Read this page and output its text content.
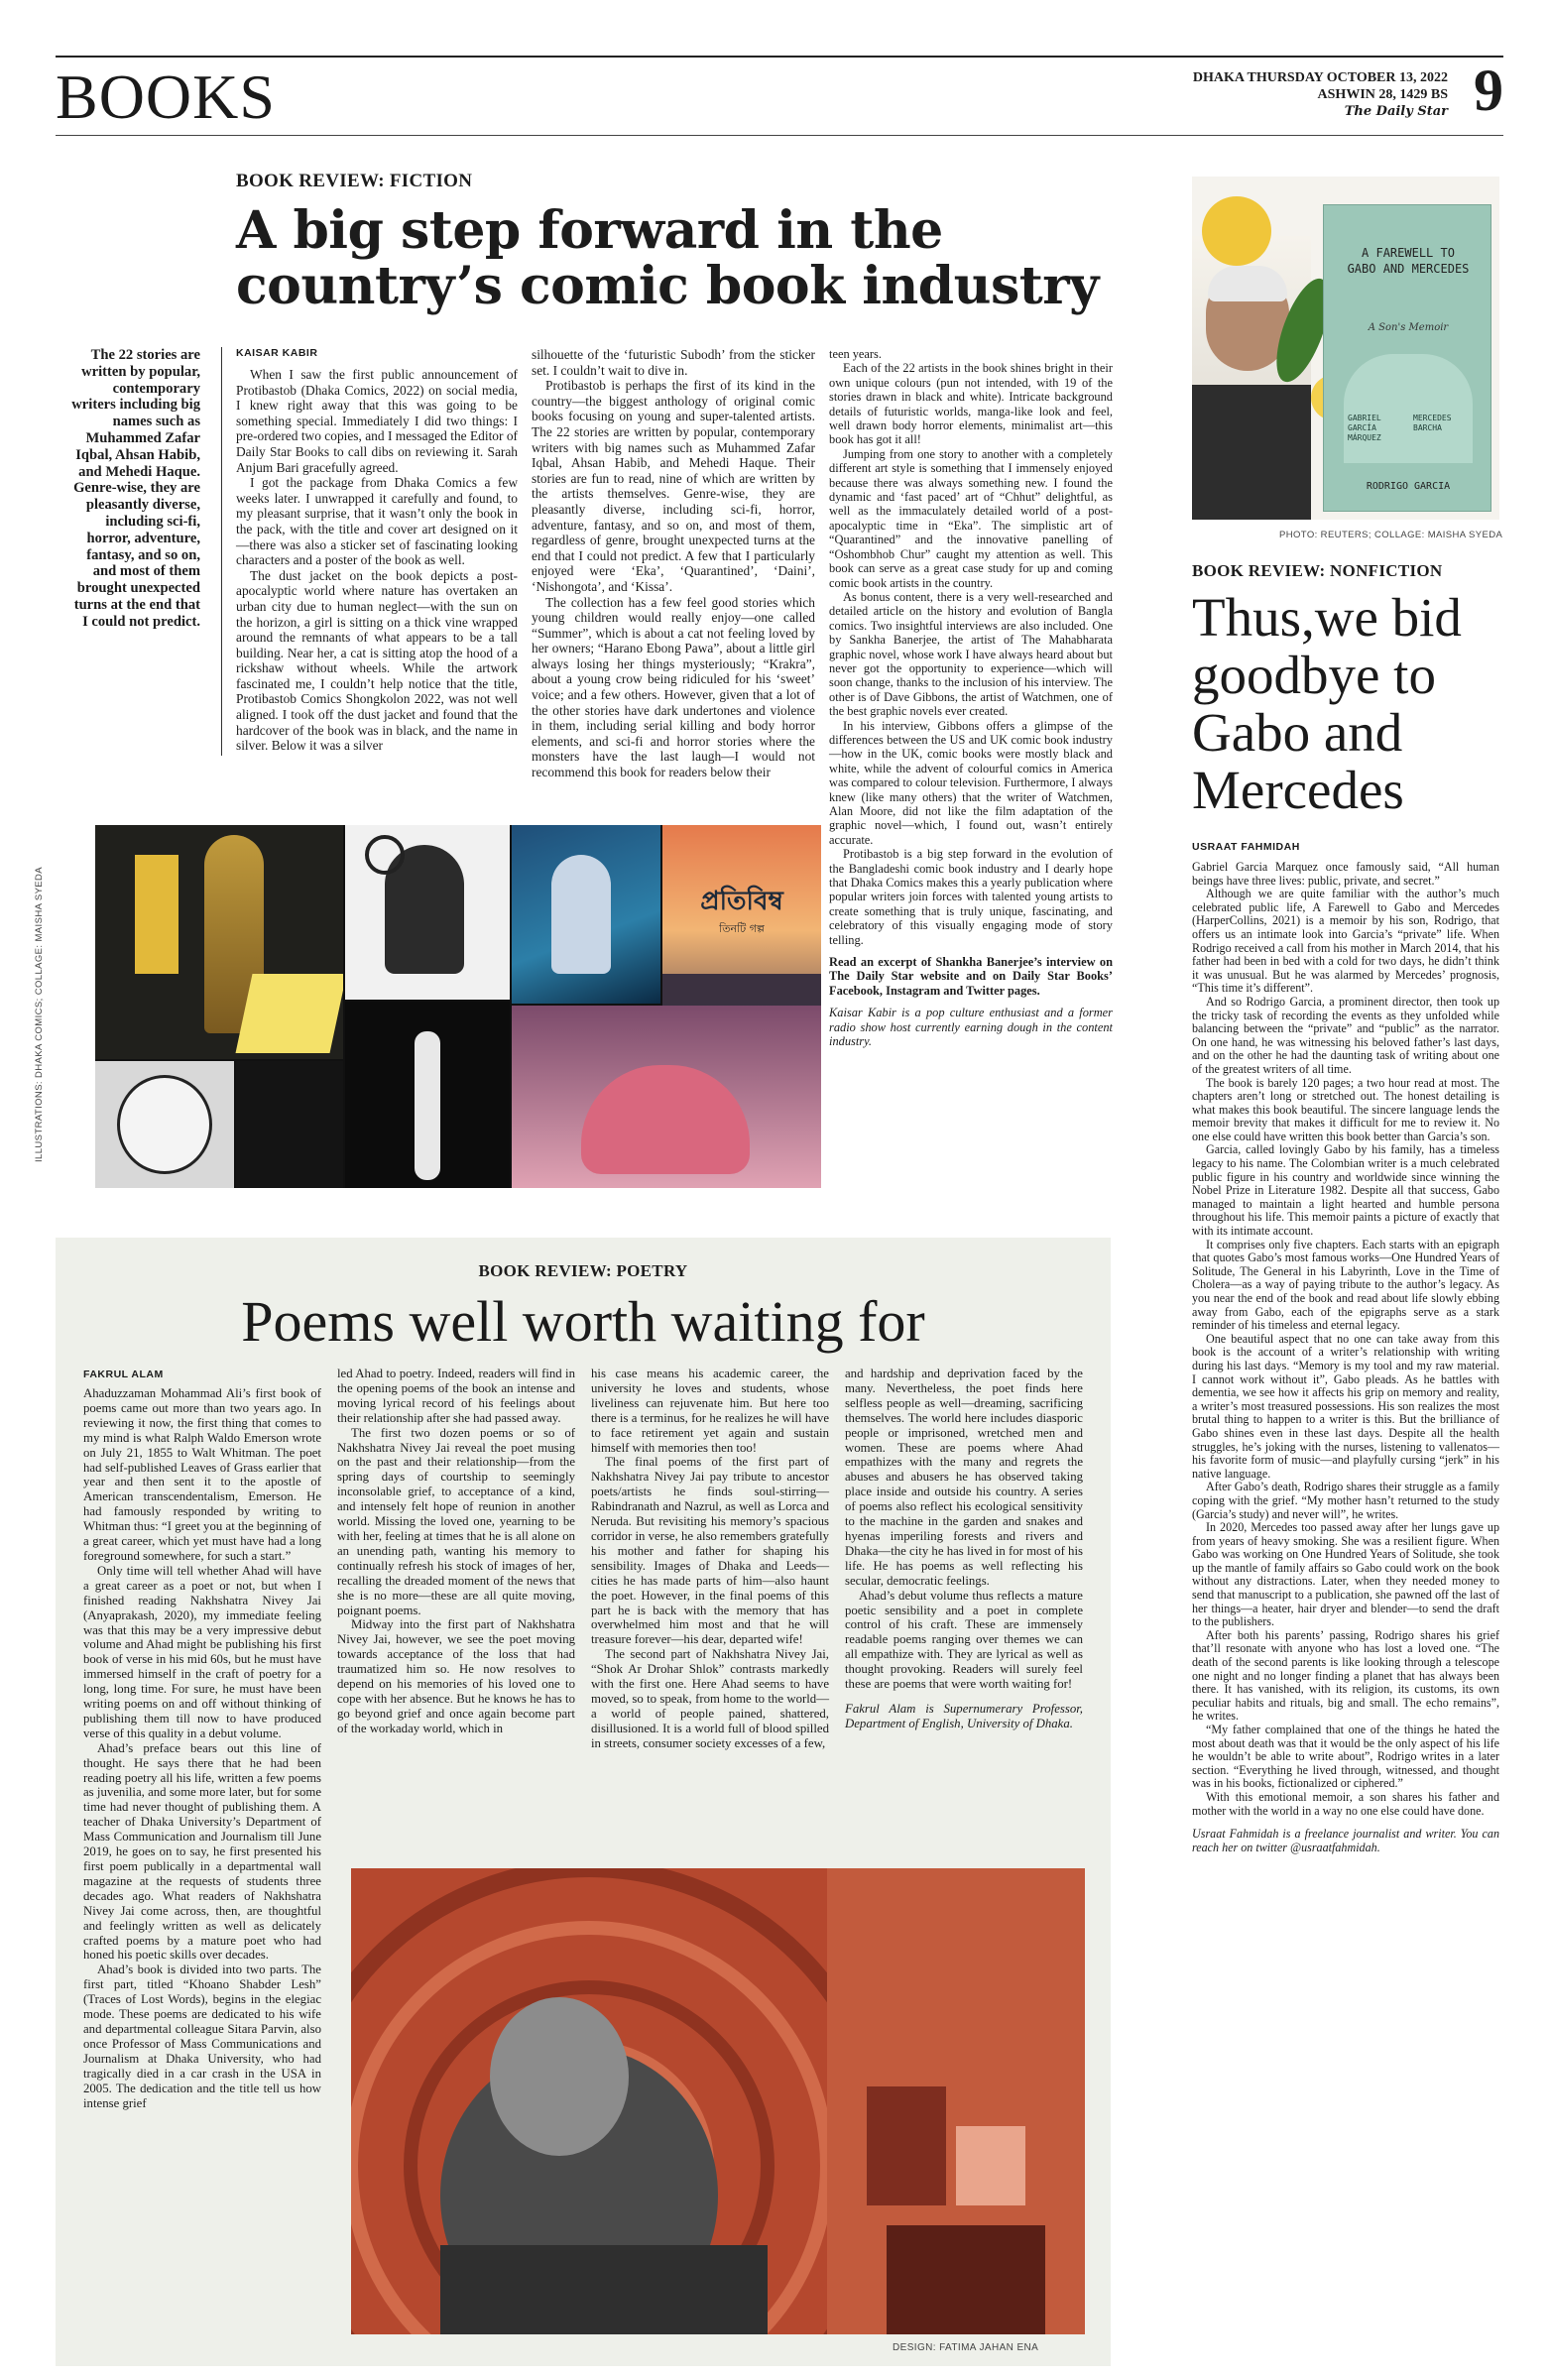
BOOKS	DHAKA THURSDAY OCTOBER 13, 2022
ASHWIN 28, 1429 BS
The Daily Star 9
BOOK REVIEW: FICTION
A big step forward in the
country’s comic book industry
The 22 stories are written by popular, contemporary writers including big names such as Muhammed Zafar Iqbal, Ahsan Habib, and Mehedi Haque. Genre-wise, they are pleasantly diverse, including sci-fi, horror, adventure, fantasy, and so on, and most of them brought unexpected turns at the end that I could not predict.
KAISAR KABIR

When I saw the first public announcement of Protibastob (Dhaka Comics, 2022) on social media, I knew right away that this was going to be something special. Immediately I did two things: I pre-ordered two copies, and I messaged the Editor of Daily Star Books to call dibs on reviewing it. Sarah Anjum Bari gracefully agreed.

I got the package from Dhaka Comics a few weeks later. I unwrapped it carefully and found, to my pleasant surprise, that it wasn’t only the book in the pack, with the title and cover art designed on it—there was also a sticker set of fascinating looking characters and a poster of the book as well.

The dust jacket on the book depicts a post-apocalyptic world where nature has overtaken an urban city due to human neglect—with the sun on the horizon, a girl is sitting on a thick vine wrapped around the remnants of what appears to be a tall building. Near her, a cat is sitting atop the hood of a rickshaw without wheels. While the artwork fascinated me, I couldn’t help notice that the title, Protibastob Comics Shongkolon 2022, was not well aligned. I took off the dust jacket and found that the hardcover of the book was in black, and the name in silver. Below it was a silver

silhouette of the ‘futuristic Subodh’ from the sticker set. I couldn’t wait to dive in.

Protibastob is perhaps the first of its kind in the country—the biggest anthology of original comic books focusing on young and super-talented artists. The 22 stories are written by popular, contemporary writers with big names such as Muhammed Zafar Iqbal, Ahsan Habib, and Mehedi Haque. Their stories are fun to read, nine of which are written by the artists themselves. Genre-wise, they are pleasantly diverse, including sci-fi, horror, adventure, fantasy, and so on, and most of them, regardless of genre, brought unexpected turns at the end that I could not predict. A few that I particularly enjoyed were ‘Eka’, ‘Quarantined’, ‘Daini’, ‘Nishongota’, and ‘Kissa’.

The collection has a few feel good stories which young children would really enjoy—one called “Summer”, which is about a cat not feeling loved by her owners; “Harano Ebong Pawa”, about a little girl always losing her things mysteriously; “Krakra”, about a young crow being ridiculed for his ‘sweet’ voice; and a few others. However, given that a lot of the other stories have dark undertones and violence in them, including serial killing and body horror elements, and sci-fi and horror stories where the monsters have the last laugh—I would not recommend this book for readers below their

teen years.

Each of the 22 artists in the book shines bright in their own unique colours (pun not intended, with 19 of the stories drawn in black and white). Intricate background details of futuristic worlds, manga-like look and feel, well drawn body horror elements, minimalist art—this book has got it all!

Jumping from one story to another with a completely different art style is something that I immensely enjoyed because there was always something new. I found the dynamic and ‘fast paced’ art of “Chhut” delightful, as well as the immaculately detailed world of a post-apocalyptic time in “Eka”. The simplistic art of “Quarantined” and the innovative panelling of “Oshombhob Chur” caught my attention as well. This book can serve as a great case study for up and coming comic book artists in the country.

As bonus content, there is a very well-researched and detailed article on the history and evolution of Bangla comics. Two insightful interviews are also included. One by Sankha Banerjee, the artist of The Mahabharata graphic novel, whose work I have always heard about but never got the opportunity to experience—which will soon change, thanks to the inclusion of his interview. The other is of Dave Gibbons, the artist of Watchmen, one of the best graphic novels ever created.

In his interview, Gibbons offers a glimpse of the differences between the US and UK comic book industry—how in the UK, comic books were mostly black and white, while the advent of colourful comics in America was compared to colour television. Furthermore, I always knew (like many others) that the writer of Watchmen, Alan Moore, did not like the film adaptation of the graphic novel—which, I found out, wasn’t entirely accurate.

Protibastob is a big step forward in the evolution of the Bangladeshi comic book industry and I dearly hope that Dhaka Comics makes this a yearly publication where popular writers join forces with talented young artists to create something that is truly unique, fascinating, and celebratory of this visually engaging mode of story telling.

Read an excerpt of Shankha Banerjee’s interview on The Daily Star website and on Daily Star Books’ Facebook, Instagram and Twitter pages.

Kaisar Kabir is a pop culture enthusiast and a former radio show host currently earning dough in the content industry.

ILLUSTRATIONS: DHAKA COMICS; COLLAGE: MAISHA SYEDA	প্রতিবিম্ব
তিনটি গল্প
BOOK REVIEW: POETRY
Poems well worth waiting for
FAKRUL ALAM

Ahaduzzaman Mohammad Ali’s first book of poems came out more than two years ago. In reviewing it now, the first thing that comes to my mind is what Ralph Waldo Emerson wrote on July 21, 1855 to Walt Whitman. The poet had self-published Leaves of Grass earlier that year and then sent it to the apostle of American transcendentalism, Emerson. He had famously responded by writing to Whitman thus: “I greet you at the beginning of a great career, which yet must have had a long foreground somewhere, for such a start.”

Only time will tell whether Ahad will have a great career as a poet or not, but when I finished reading Nakhshatra Nivey Jai (Anyaprakash, 2020), my immediate feeling was that this may be a very impressive debut volume and Ahad might be publishing his first book of verse in his mid 60s, but he must have immersed himself in the craft of poetry for a long, long time. For sure, he must have been writing poems on and off without thinking of publishing them till now to have produced verse of this quality in a debut volume.

Ahad’s preface bears out this line of thought. He says there that he had been reading poetry all his life, written a few poems as juvenilia, and some more later, but for some time had never thought of publishing them. A teacher of Dhaka University’s Department of Mass Communication and Journalism till June 2019, he goes on to say, he first presented his first poem publically in a departmental wall magazine at the requests of students three decades ago. What readers of Nakhshatra Nivey Jai come across, then, are thoughtful and feelingly written as well as delicately crafted poems by a mature poet who had honed his poetic skills over decades.

Ahad’s book is divided into two parts. The first part, titled “Khoano Shabder Lesh” (Traces of Lost Words), begins in the elegiac mode. These poems are dedicated to his wife and departmental colleague Sitara Parvin, also once Professor of Mass Communications and Journalism at Dhaka University, who had tragically died in a car crash in the USA in 2005. The dedication and the title tell us how intense grief

led Ahad to poetry. Indeed, readers will find in the opening poems of the book an intense and moving lyrical record of his feelings about their relationship after she had passed away.

The first two dozen poems or so of Nakhshatra Nivey Jai reveal the poet musing on the past and their relationship—from the spring days of courtship to seemingly inconsolable grief, to acceptance of a kind, and intensely felt hope of reunion in another world. Missing the loved one, yearning to be with her, feeling at times that he is all alone on an unending path, wanting his memory to continually refresh his stock of images of her, recalling the dreaded moment of the news that she is no more—these are all quite moving, poignant poems.

Midway into the first part of Nakhshatra Nivey Jai, however, we see the poet moving towards acceptance of the loss that had traumatized him so. He now resolves to depend on his memories of his loved one to cope with her absence. But he knows he has to go beyond grief and once again become part of the workaday world, which in

his case means his academic career, the university he loves and students, whose liveliness can rejuvenate him. But here too there is a terminus, for he realizes he will have to face retirement yet again and sustain himself with memories then too!

The final poems of the first part of Nakhshatra Nivey Jai pay tribute to ancestor poets/artists he finds soul-stirring—Rabindranath and Nazrul, as well as Lorca and Neruda. But revisiting his memory’s spacious corridor in verse, he also remembers gratefully his mother and father for shaping his sensibility. Images of Dhaka and Leeds—cities he has made parts of him—also haunt the poet. However, in the final poems of this part he is back with the memory that has overwhelmed him most and that he will treasure forever—his dear, departed wife!

The second part of Nakhshatra Nivey Jai, “Shok Ar Drohar Shlok” contrasts markedly with the first one. Here Ahad seems to have moved, so to speak, from home to the world—a world of people pained, shattered, disillusioned. It is a world full of blood spilled in streets, consumer society excesses of a few,

and hardship and deprivation faced by the many. Nevertheless, the poet finds here selfless people as well—dreaming, sacrificing themselves. The world here includes diasporic people or imprisoned, wretched men and women. These are poems where Ahad empathizes with the many and regrets the abuses and abusers he has observed taking place inside and outside his country. A series of poems also reflect his ecological sensitivity to the machine in the garden and snakes and hyenas imperiling forests and rivers and Dhaka—the city he has lived in for most of his life. He has poems as well reflecting his secular, democratic feelings.

Ahad’s debut volume thus reflects a mature poetic sensibility and a poet in complete control of his craft. These are immensely readable poems ranging over themes we can all empathize with. They are lyrical as well as thought provoking. Readers will surely feel these are poems that were worth waiting for!

Fakrul Alam is Supernumerary Professor, Department of English, University of Dhaka.

DESIGN: FATIMA JAHAN ENA
A FAREWELL TO GABO AND MERCEDES
A Son's Memoir
GABRIEL GARCÍA MÁRQUEZ
MERCEDES BARCHA
RODRIGO GARCIA
PHOTO: REUTERS; COLLAGE: MAISHA SYEDA
BOOK REVIEW: NONFICTION
Thus,we bid
goodbye to
Gabo and
Mercedes
USRAAT FAHMIDAH

Gabriel Garcia Marquez once famously said, “All human beings have three lives: public, private, and secret.”

Although we are quite familiar with the author’s much celebrated public life, A Farewell to Gabo and Mercedes (HarperCollins, 2021) is a memoir by his son, Rodrigo, that offers us an intimate look into Garcia’s “private” life. When Rodrigo received a call from his mother in March 2014, that his father had been in bed with a cold for two days, he didn’t think it was unusual. But he was alarmed by Mercedes’ prognosis, “This time it’s different”.

And so Rodrigo Garcia, a prominent director, then took up the tricky task of recording the events as they unfolded while balancing between the “private” and “public” as the narrator. On one hand, he was witnessing his beloved father’s last days, and on the other he had the daunting task of writing about one of the greatest writers of all time.

The book is barely 120 pages; a two hour read at most. The chapters aren’t long or stretched out. The honest detailing is what makes this book beautiful. The sincere language lends the memoir brevity that makes it difficult for me to review it. No one else could have written this book better than Garcia’s son.

Garcia, called lovingly Gabo by his family, has a timeless legacy to his name. The Colombian writer is a much celebrated public figure in his country and worldwide since winning the Nobel Prize in Literature 1982. Despite all that success, Gabo managed to maintain a light hearted and humble persona throughout his life. This memoir paints a picture of exactly that with its intimate account.

It comprises only five chapters. Each starts with an epigraph that quotes Gabo’s most famous works—One Hundred Years of Solitude, The General in his Labyrinth, Love in the Time of Cholera—as a way of paying tribute to the author’s legacy. As you near the end of the book and read about life slowly ebbing away from Gabo, each of the epigraphs serve as a stark reminder of his timeless and eternal legacy.

One beautiful aspect that no one can take away from this book is the account of a writer’s relationship with writing during his last days. “Memory is my tool and my raw material. I cannot work without it”, Gabo pleads. As he battles with dementia, we see how it affects his grip on memory and reality, a writer’s most treasured possessions. His son realizes the most brutal thing to happen to a writer is this. But the brilliance of Gabo shines even in these last days. Despite all the health struggles, he’s joking with the nurses, listening to vallenatos—his favorite form of music—and playfully cursing “jerk” in his native language.

After Gabo’s death, Rodrigo shares their struggle as a family coping with the grief. “My mother hasn’t returned to the study (Garcia’s study) and never will”, he writes.

In 2020, Mercedes too passed away after her lungs gave up from years of heavy smoking. She was a resilient figure. When Gabo was working on One Hundred Years of Solitude, she took up the mantle of family affairs so Gabo could work on the book without any distractions. Later, when they needed money to send that manuscript to a publication, she pawned off the last of her things—a heater, hair dryer and blender—to send the draft to the publishers.

After both his parents’ passing, Rodrigo shares his grief that’ll resonate with anyone who has lost a loved one. “The death of the second parents is like looking through a telescope one night and no longer finding a planet that has always been there. It has vanished, with its religion, its customs, its own peculiar habits and rituals, big and small. The echo remains”, he writes.

“My father complained that one of the things he hated the most about death was that it would be the only aspect of his life he wouldn’t be able to write about”, Rodrigo writes in a later section. “Everything he lived through, witnessed, and thought was in his books, fictionalized or ciphered.”

With this emotional memoir, a son shares his father and mother with the world in a way no one else could have done.

Usraat Fahmidah is a freelance journalist and writer. You can reach her on twitter @usraatfahmidah.
